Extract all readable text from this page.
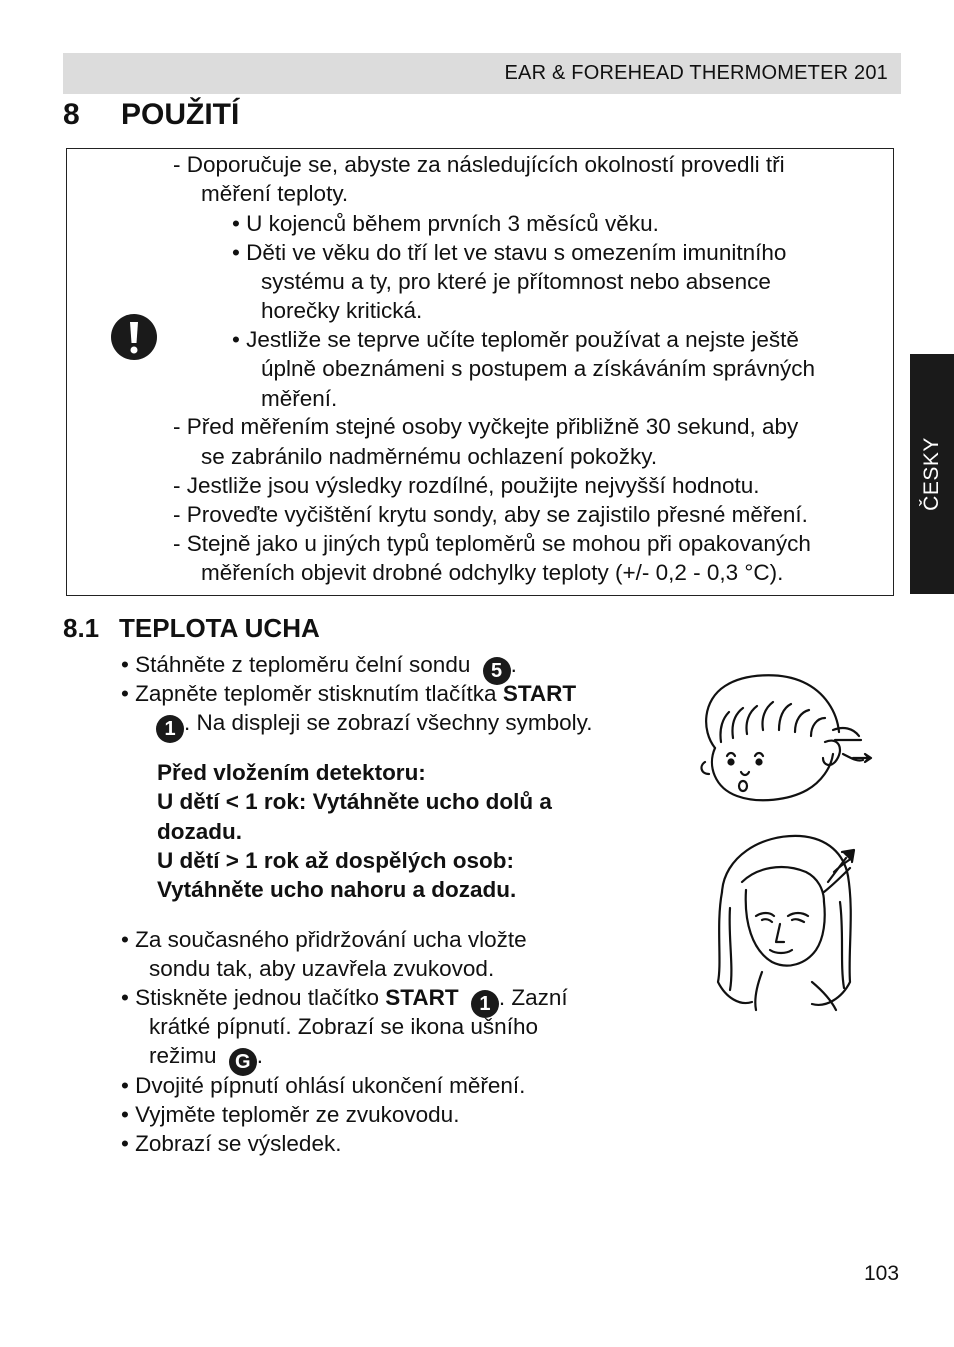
EAR & FOREHEAD THERMOMETER 201
8 POUŽITÍ
- Doporučuje se, abyste za následujících okolností provedli tři
měření teploty.
• U kojenců během prvních 3 měsíců věku.
• Děti ve věku do tří let ve stavu s omezením imunitního
systému a ty, pro které je přítomnost nebo absence
horečky kritická.
• Jestliže se teprve učíte teploměr používat a nejste ještě
úplně obeznámeni s postupem a získáváním správných
měření.
- Před měřením stejné osoby vyčkejte přibližně 30 sekund, aby
se zabránilo nadměrnému ochlazení pokožky.
- Jestliže jsou výsledky rozdílné, použijte nejvyšší hodnotu.
- Proveďte vyčištění krytu sondy, aby se zajistilo přesné měření.
- Stejně jako u jiných typů teploměrů se mohou při opakovaných
měřeních objevit drobné odchylky teploty (+/- 0,2 - 0,3 °C).
ČESKY
8.1 TEPLOTA UCHA
• Stáhněte z teploměru čelní sondu 5 .
• Zapněte teploměr stisknutím tlačítka START
1 . Na displeji se zobrazí všechny symboly.
Před vložením detektoru:
U dětí < 1 rok: Vytáhněte ucho dolů a
dozadu.
U dětí > 1 rok až dospělých osob:
Vytáhněte ucho nahoru a dozadu.
• Za současného přidržování ucha vložte
sondu tak, aby uzavřela zvukovod.
• Stiskněte jednou tlačítko START 1 . Zazní
krátké pípnutí. Zobrazí se ikona ušního
režimu G .
• Dvojité pípnutí ohlásí ukončení měření.
• Vyjměte teploměr ze zvukovodu.
• Zobrazí se výsledek.
103
